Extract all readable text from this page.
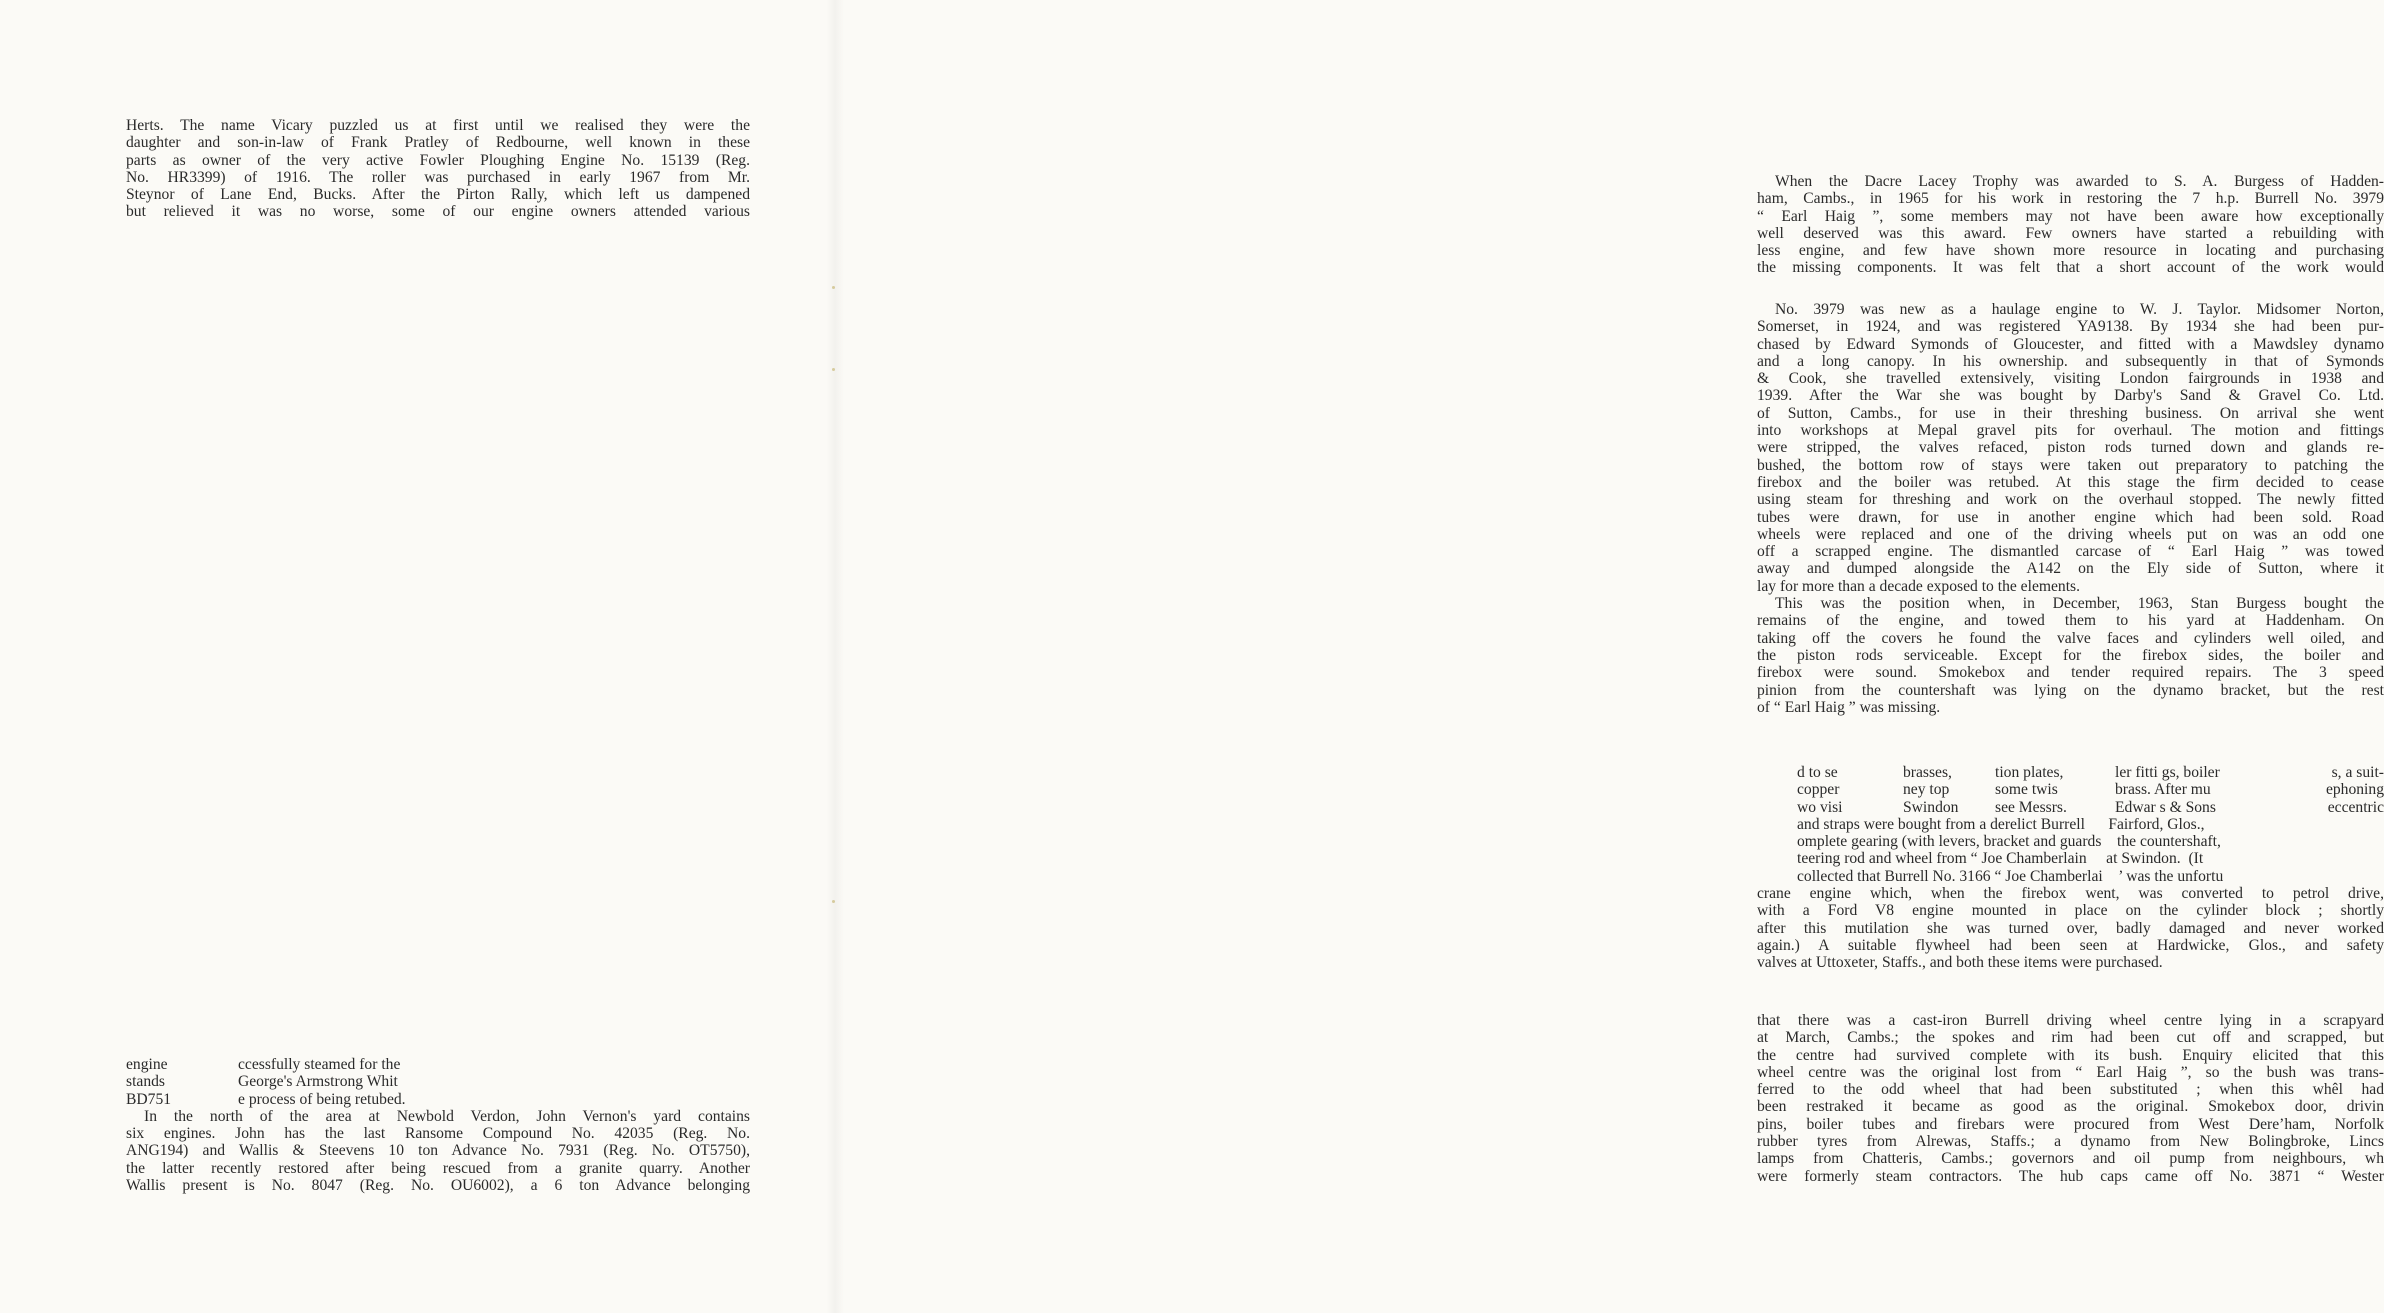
Herts. The name Vicary puzzled us at first until we realised they were the
daughter and son-in-law of Frank Pratley of Redbourne, well known in these
parts as owner of the very active Fowler Ploughing Engine No. 15139 (Reg.
No. HR3399) of 1916. The roller was purchased in early 1967 from Mr.
Steynor of Lane End, Bucks. After the Pirton Rally, which left us dampened
but relieved it was no worse, some of our engine owners attended various
engine	ccessfully steamed for the
stands	George's Armstrong Whit
BD751	e process of being retubed.
In the north of the area at Newbold Verdon, John Vernon's yard contains
six engines. John has the last Ransome Compound No. 42035 (Reg. No.
ANG194) and Wallis & Steevens 10 ton Advance No. 7931 (Reg. No. OT5750),
the latter recently restored after being rescued from a granite quarry. Another
Wallis present is No. 8047 (Reg. No. OU6002), a 6 ton Advance belonging
When the Dacre Lacey Trophy was awarded to S. A. Burgess of Hadden-
ham, Cambs., in 1965 for his work in restoring the 7 h.p. Burrell No. 3979
“ Earl Haig ”, some members may not have been aware how exceptionally
well deserved was this award. Few owners have started a rebuilding with
less engine, and few have shown more resource in locating and purchasing
the missing components. It was felt that a short account of the work would
No. 3979 was new as a haulage engine to W. J. Taylor. Midsomer Norton,
Somerset, in 1924, and was registered YA9138. By 1934 she had been pur-
chased by Edward Symonds of Gloucester, and fitted with a Mawdsley dynamo
and a long canopy. In his ownership. and subsequently in that of Symonds
& Cook, she travelled extensively, visiting London fairgrounds in 1938 and
1939. After the War she was bought by Darby's Sand & Gravel Co. Ltd.
of Sutton, Cambs., for use in their threshing business. On arrival she went
into workshops at Mepal gravel pits for overhaul. The motion and fittings
were stripped, the valves refaced, piston rods turned down and glands re-
bushed, the bottom row of stays were taken out preparatory to patching the
firebox and the boiler was retubed. At this stage the firm decided to cease
using steam for threshing and work on the overhaul stopped. The newly fitted
tubes were drawn, for use in another engine which had been sold. Road
wheels were replaced and one of the driving wheels put on was an odd one
off a scrapped engine. The dismantled carcase of “ Earl Haig ” was towed
away and dumped alongside the A142 on the Ely side of Sutton, where it
lay for more than a decade exposed to the elements.
This was the position when, in December, 1963, Stan Burgess bought the
remains of the engine, and towed them to his yard at Haddenham. On
taking off the covers he found the valve faces and cylinders well oiled, and
the piston rods serviceable. Except for the firebox sides, the boiler and
firebox were sound. Smokebox and tender required repairs. The 3 speed
pinion from the countershaft was lying on the dynamo bracket, but the rest
of “ Earl Haig ” was missing.
d to se	brasses,	tion plates,	ler fitti gs, boiler	s, a suit-
copper	ney top	some twis	brass. After mu	ephoning
wo visi	Swindon	see Messrs.	Edwar s & Sons	eccentric
and straps were bought from a derelict Burrell      Fairford, Glos.,
omplete gearing (with levers, bracket and guards    the countershaft,
teering rod and wheel from “ Joe Chamberlain     at Swindon.  (It
collected that Burrell No. 3166 “ Joe Chamberlai    ’ was the unfortu
crane engine which, when the firebox went, was converted to petrol drive,
with a Ford V8 engine mounted in place on the cylinder block ; shortly
after this mutilation she was turned over, badly damaged and never worked
again.) A suitable flywheel had been seen at Hardwicke, Glos., and safety
valves at Uttoxeter, Staffs., and both these items were purchased.
that there was a cast-iron Burrell driving wheel centre lying in a scrapyard
at March, Cambs.; the spokes and rim had been cut off and scrapped, but
the centre had survived complete with its bush. Enquiry elicited that this
wheel centre was the original lost from “ Earl Haig ”, so the bush was trans-
ferred to the odd wheel that had been substituted ; when this whêl had
been restraked it became as good as the original. Smokebox door, drivin
pins, boiler tubes and firebars were procured from West Dereʼham, Norfolk
rubber tyres from Alrewas, Staffs.; a dynamo from New Bolingbroke, Lincs
lamps from Chatteris, Cambs.; governors and oil pump from neighbours, wh
were formerly steam contractors. The hub caps came off No. 3871 “ Wester
